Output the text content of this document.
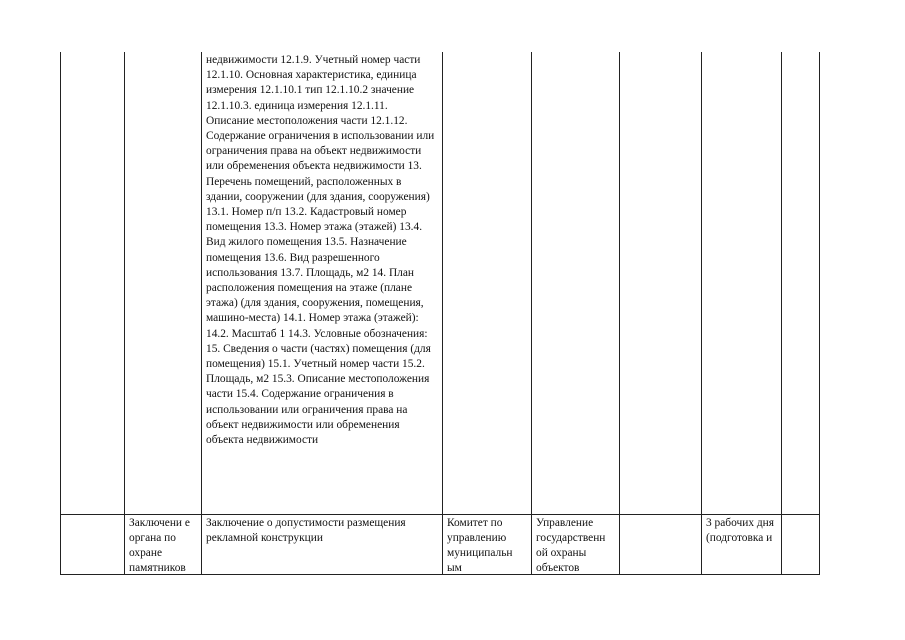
		недвижимости 12.1.9. Учетный номер части 12.1.10. Основная характеристика, единица измерения 12.1.10.1 тип 12.1.10.2 значение 12.1.10.3. единица измерения 12.1.11. Описание местоположения части 12.1.12. Содержание ограничения в использовании или ограничения права на объект недвижимости или обременения объекта недвижимости 13. Перечень помещений, расположенных в здании, сооружении (для здания, сооружения) 13.1. Номер п/п 13.2. Кадастровый номер помещения 13.3. Номер этажа (этажей) 13.4. Вид жилого помещения 13.5. Назначение помещения 13.6. Вид разрешенного использования 13.7. Площадь, м2 14. План расположения помещения на этаже (плане этажа) (для здания, сооружения, помещения, машино-места) 14.1. Номер этажа (этажей): 14.2. Масштаб 1 14.3. Условные обозначения: 15. Сведения о части (частях) помещения (для помещения) 15.1. Учетный номер части 15.2. Площадь, м2 15.3. Описание местоположения части 15.4. Содержание ограничения в использовании или ограничения права на объект недвижимости или обременения объекта недвижимости					

	Заключени е органа по охране памятников	Заключение о допустимости размещения рекламной конструкции	Комитет по управлению муниципальн ым	Управление государственн ой охраны объектов		3 рабочих дня (подготовка и	
